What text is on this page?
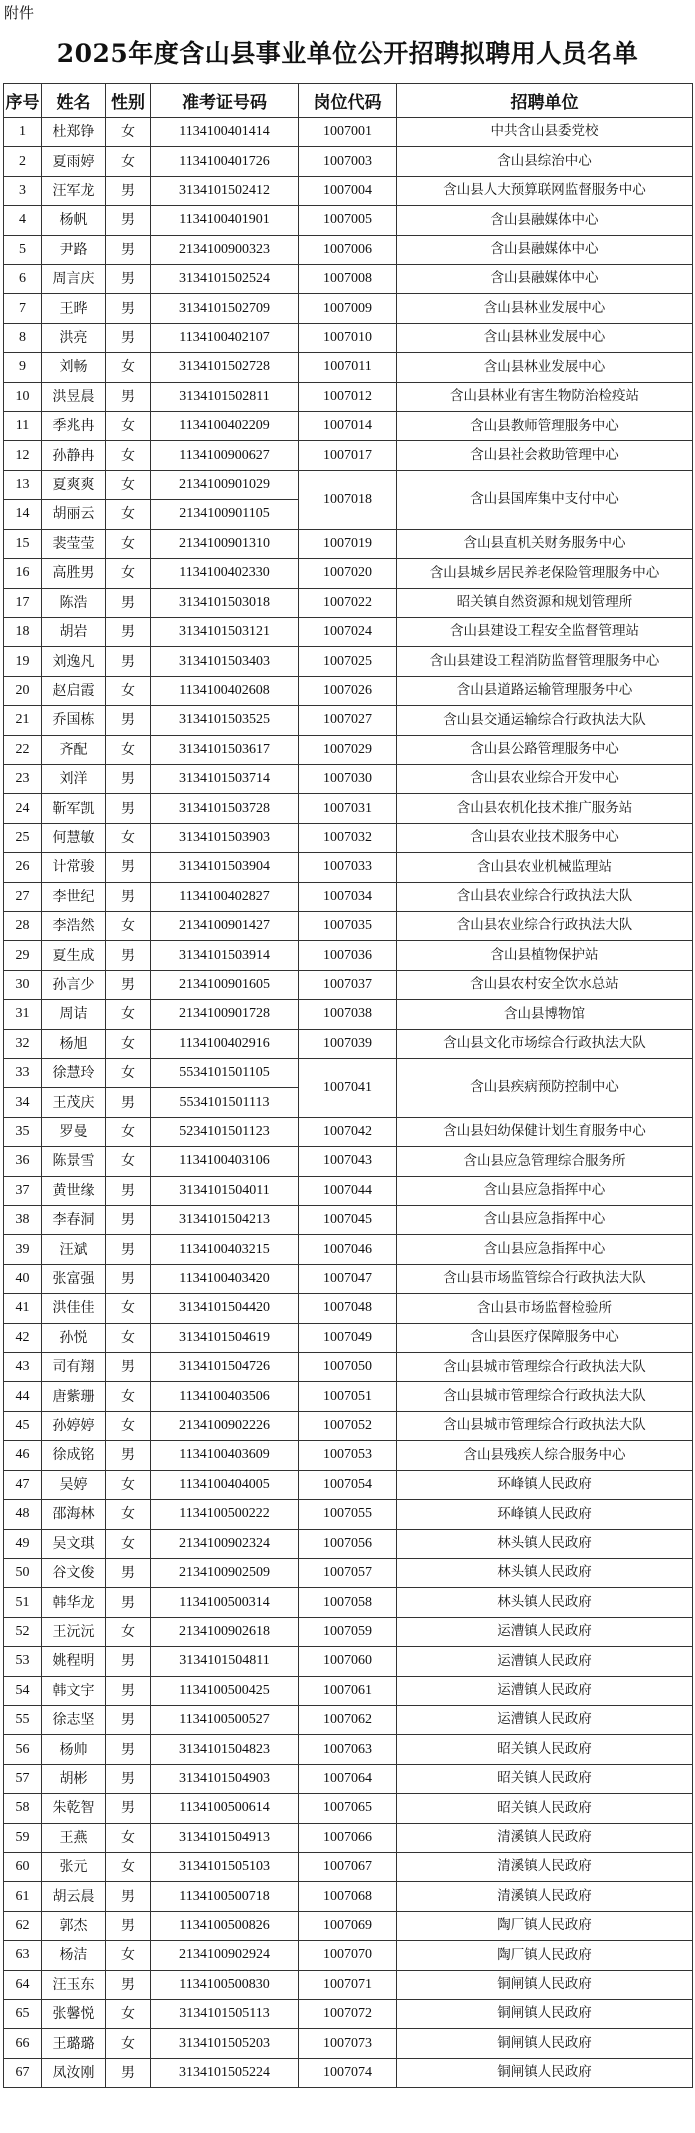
附件
2025年度含山县事业单位公开招聘拟聘用人员名单
序号	姓名	性别	准考证号码	岗位代码	招聘单位
1	杜郑铮	女	1134100401414	1007001	中共含山县委党校
2	夏雨婷	女	1134100401726	1007003	含山县综治中心
3	汪军龙	男	3134101502412	1007004	含山县人大预算联网监督服务中心
4	杨帆	男	1134100401901	1007005	含山县融媒体中心
5	尹路	男	2134100900323	1007006	含山县融媒体中心
6	周言庆	男	3134101502524	1007008	含山县融媒体中心
7	王晔	男	3134101502709	1007009	含山县林业发展中心
8	洪亮	男	1134100402107	1007010	含山县林业发展中心
9	刘畅	女	3134101502728	1007011	含山县林业发展中心
10	洪昱晨	男	3134101502811	1007012	含山县林业有害生物防治检疫站
11	季兆冉	女	1134100402209	1007014	含山县教师管理服务中心
12	孙静冉	女	1134100900627	1007017	含山县社会救助管理中心
13	夏爽爽	女	2134100901029	1007018	含山县国库集中支付中心
14	胡丽云	女	2134100901105		
15	裴莹莹	女	2134100901310	1007019	含山县直机关财务服务中心
16	高胜男	女	1134100402330	1007020	含山县城乡居民养老保险管理服务中心
17	陈浩	男	3134101503018	1007022	昭关镇自然资源和规划管理所
18	胡岩	男	3134101503121	1007024	含山县建设工程安全监督管理站
19	刘逸凡	男	3134101503403	1007025	含山县建设工程消防监督管理服务中心
20	赵启霞	女	1134100402608	1007026	含山县道路运输管理服务中心
21	乔国栋	男	3134101503525	1007027	含山县交通运输综合行政执法大队
22	齐配	女	3134101503617	1007029	含山县公路管理服务中心
23	刘洋	男	3134101503714	1007030	含山县农业综合开发中心
24	靳军凯	男	3134101503728	1007031	含山县农机化技术推广服务站
25	何慧敏	女	3134101503903	1007032	含山县农业技术服务中心
26	计常骏	男	3134101503904	1007033	含山县农业机械监理站
27	李世纪	男	1134100402827	1007034	含山县农业综合行政执法大队
28	李浩然	女	2134100901427	1007035	含山县农业综合行政执法大队
29	夏生成	男	3134101503914	1007036	含山县植物保护站
30	孙言少	男	2134100901605	1007037	含山县农村安全饮水总站
31	周诘	女	2134100901728	1007038	含山县博物馆
32	杨旭	女	1134100402916	1007039	含山县文化市场综合行政执法大队
33	徐慧玲	女	5534101501105	1007041	含山县疾病预防控制中心
34	王茂庆	男	5534101501113		
35	罗曼	女	5234101501123	1007042	含山县妇幼保健计划生育服务中心
36	陈景雪	女	1134100403106	1007043	含山县应急管理综合服务所
37	黄世缘	男	3134101504011	1007044	含山县应急指挥中心
38	李春洞	男	3134101504213	1007045	含山县应急指挥中心
39	汪斌	男	1134100403215	1007046	含山县应急指挥中心
40	张富强	男	1134100403420	1007047	含山县市场监管综合行政执法大队
41	洪佳佳	女	3134101504420	1007048	含山县市场监督检验所
42	孙悦	女	3134101504619	1007049	含山县医疗保障服务中心
43	司有翔	男	3134101504726	1007050	含山县城市管理综合行政执法大队
44	唐紫珊	女	1134100403506	1007051	含山县城市管理综合行政执法大队
45	孙婷婷	女	2134100902226	1007052	含山县城市管理综合行政执法大队
46	徐成铭	男	1134100403609	1007053	含山县残疾人综合服务中心
47	吴婷	女	1134100404005	1007054	环峰镇人民政府
48	邵海林	女	1134100500222	1007055	环峰镇人民政府
49	吴文琪	女	2134100902324	1007056	林头镇人民政府
50	谷文俊	男	2134100902509	1007057	林头镇人民政府
51	韩华龙	男	1134100500314	1007058	林头镇人民政府
52	王沅沅	女	2134100902618	1007059	运漕镇人民政府
53	姚程明	男	3134101504811	1007060	运漕镇人民政府
54	韩文宇	男	1134100500425	1007061	运漕镇人民政府
55	徐志坚	男	1134100500527	1007062	运漕镇人民政府
56	杨帅	男	3134101504823	1007063	昭关镇人民政府
57	胡彬	男	3134101504903	1007064	昭关镇人民政府
58	朱乾智	男	1134100500614	1007065	昭关镇人民政府
59	王燕	女	3134101504913	1007066	清溪镇人民政府
60	张元	女	3134101505103	1007067	清溪镇人民政府
61	胡云晨	男	1134100500718	1007068	清溪镇人民政府
62	郭杰	男	1134100500826	1007069	陶厂镇人民政府
63	杨洁	女	2134100902924	1007070	陶厂镇人民政府
64	汪玉东	男	1134100500830	1007071	铜闸镇人民政府
65	张馨悦	女	3134101505113	1007072	铜闸镇人民政府
66	王璐璐	女	3134101505203	1007073	铜闸镇人民政府
67	凤汝刚	男	3134101505224	1007074	铜闸镇人民政府
